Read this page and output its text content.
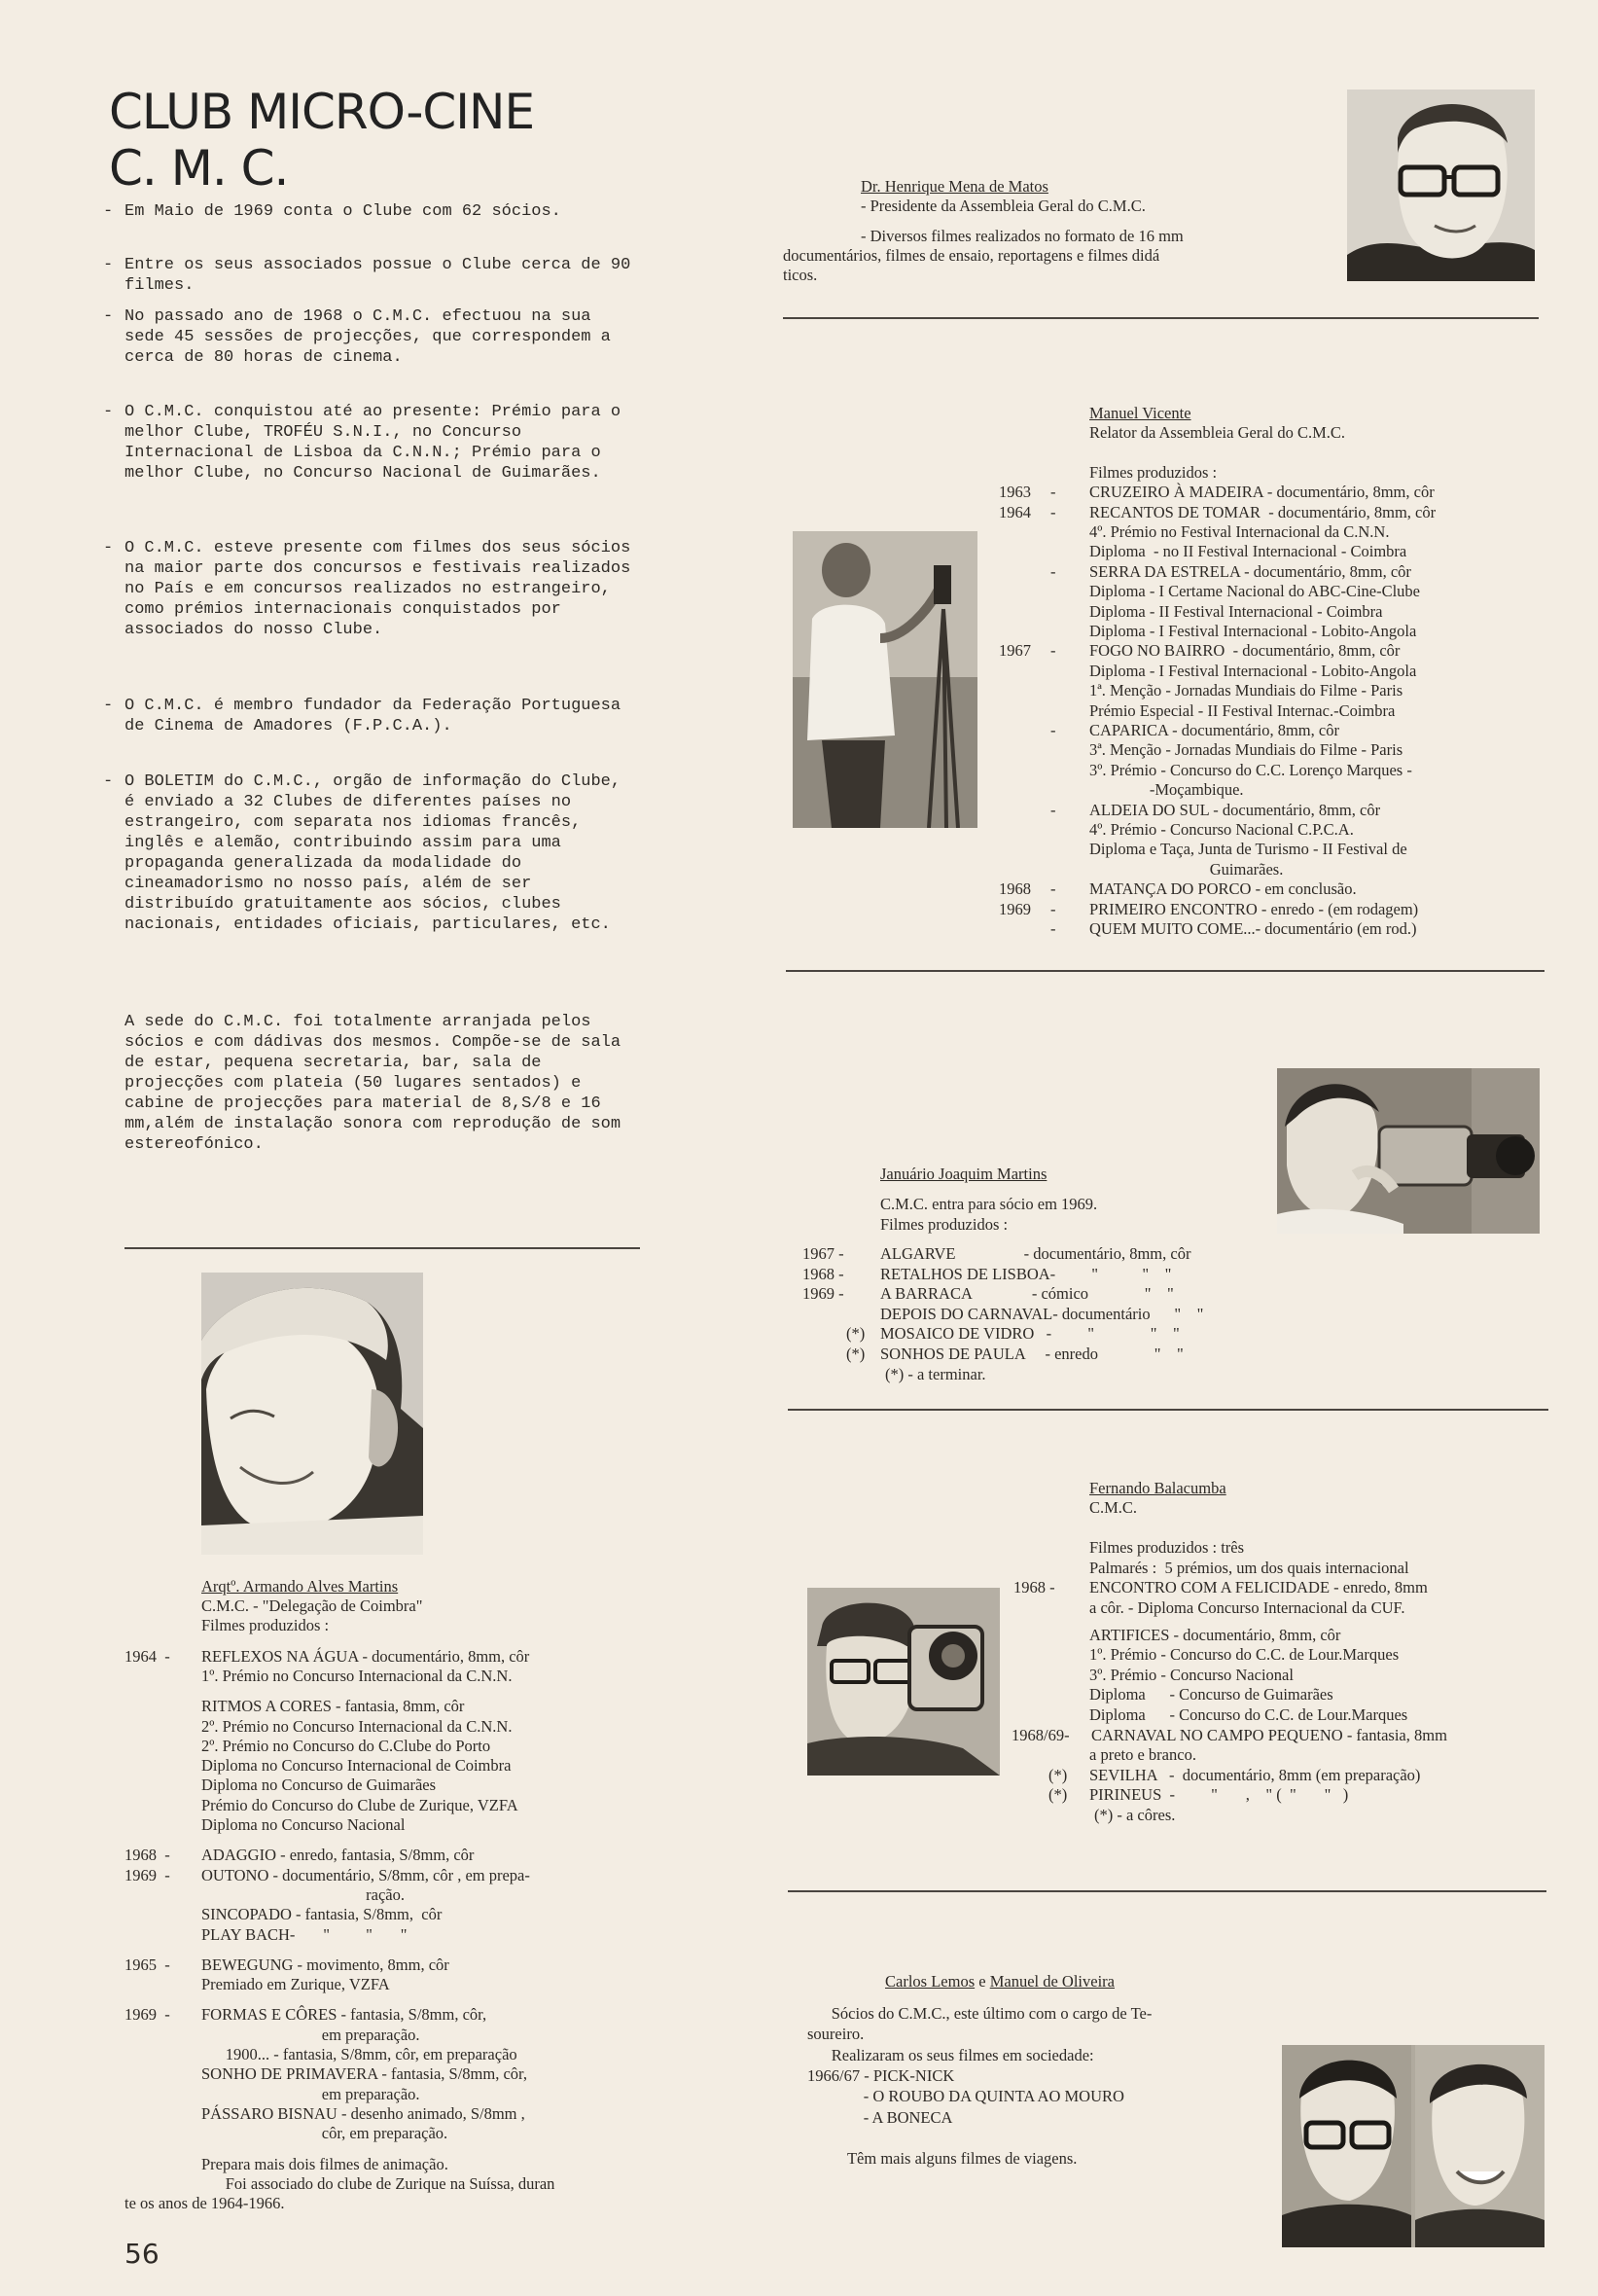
CLUB MICRO-CINE
C. M. C.

- Em Maio de 1969 conta o Clube com 62 sócios.

- Entre os seus associados possue o Clube cerca de 90 filmes.

- No passado ano de 1968 o C.M.C. efectuou na sua sede 45 sessões de projecções, que correspondem a cerca de 80 horas de cinema.

- O C.M.C. conquistou até ao presente: Prémio para o melhor Clube, TROFÉU S.N.I., no Concurso Internacional de Lisboa da C.N.N.; Prémio para o melhor Clube, no Concurso Nacional de Guimarães.

- O C.M.C. esteve presente com filmes dos seus sócios na maior parte dos concursos e festivais realizados no País e em concursos realizados no estrangeiro, como prémios internacionais conquistados por associados do nosso Clube.

- O C.M.C. é membro fundador da Federação Portuguesa de Cinema de Amadores (F.P.C.A.).

- O BOLETIM do C.M.C., orgão de informação do Clube, é enviado a 32 Clubes de diferentes países no estrangeiro, com separata nos idiomas francês, inglês e alemão, contribuindo assim para uma propaganda generalizada da modalidade do cineamadorismo no nosso país, além de ser distribuído gratuitamente aos sócios, clubes nacionais, entidades oficiais, particulares, etc.

A sede do C.M.C. foi totalmente arranjada pelos sócios e com dádivas dos mesmos. Compõe-se de sala de estar, pequena secretaria, bar, sala de projecções com plateia (50 lugares sentados) e cabine de projecções para material de 8,S/8 e 16 mm,além de instalação sonora com reprodução de som estereofónico.

Arqtº. Armando Alves Martins
C.M.C. - "Delegação de Coimbra"
Filmes produzidos :
1964  - REFLEXOS NA ÁGUA - documentário, 8mm, côr
1º. Prémio no Concurso Internacional da C.N.N.
RITMOS A CORES - fantasia, 8mm, côr
2º. Prémio no Concurso Internacional da C.N.N.
2º. Prémio no Concurso do C.Clube do Porto
Diploma no Concurso Internacional de Coimbra
Diploma no Concurso de Guimarães
Prémio do Concurso do Clube de Zurique, VZFA
Diploma no Concurso Nacional
1968  - ADAGGIO - enredo, fantasia, S/8mm, côr
1969  - OUTONO - documentário, S/8mm, côr , em prepa-
ração.
SINCOPADO - fantasia, S/8mm,  côr
PLAY BACH-       "         "       "
1965  - BEWEGUNG - movimento, 8mm, côr
Premiado em Zurique, VZFA
1969  - FORMAS E CÔRES - fantasia, S/8mm, côr,
em preparação.
1900... - fantasia, S/8mm, côr, em preparação
SONHO DE PRIMAVERA - fantasia, S/8mm, côr,
em preparação.
PÁSSARO BISNAU - desenho animado, S/8mm ,
côr, em preparação.
Prepara mais dois filmes de animação.
Foi associado do clube de Zurique na Suíssa, duran
te os anos de 1964-1966.
56
Dr. Henrique Mena de Matos
- Presidente da Assembleia Geral do C.M.C.
- Diversos filmes realizados no formato de 16 mm
documentários, filmes de ensaio, reportagens e filmes didá
ticos.
Manuel Vicente
Relator da Assembleia Geral do C.M.C.
Filmes produzidos :
1963 - CRUZEIRO À MADEIRA - documentário, 8mm, côr
1964 - RECANTOS DE TOMAR  - documentário, 8mm, côr
4º. Prémio no Festival Internacional da C.N.N.
Diploma  - no II Festival Internacional - Coimbra
- SERRA DA ESTRELA - documentário, 8mm, côr
Diploma - I Certame Nacional do ABC-Cine-Clube
Diploma - II Festival Internacional - Coimbra
Diploma - I Festival Internacional - Lobito-Angola
1967 - FOGO NO BAIRRO  - documentário, 8mm, côr
Diploma - I Festival Internacional - Lobito-Angola
1ª. Menção - Jornadas Mundiais do Filme - Paris
Prémio Especial - II Festival Internac.-Coimbra
- CAPARICA - documentário, 8mm, côr
3ª. Menção - Jornadas Mundiais do Filme - Paris
3º. Prémio - Concurso do C.C. Lorenço Marques -
-Moçambique.
- ALDEIA DO SUL - documentário, 8mm, côr
4º. Prémio - Concurso Nacional C.P.C.A.
Diploma e Taça, Junta de Turismo - II Festival de
Guimarães.
1968 - MATANÇA DO PORCO - em conclusão.
1969 - PRIMEIRO ENCONTRO - enredo - (em rodagem)
- QUEM MUITO COME...- documentário (em rod.)
Januário Joaquim Martins
C.M.C. entra para sócio em 1969.
Filmes produzidos :
1967 - ALGARVE                 - documentário, 8mm, côr
1968 - RETALHOS DE LISBOA-         "           "    "
1969 - A BARRACA               - cómico              "    "
DEPOIS DO CARNAVAL- documentário      "    "
(*) MOSAICO DE VIDRO   -         "              "    "
(*) SONHOS DE PAULA     - enredo              "    "
(*) - a terminar.
Fernando Balacumba
C.M.C.
Filmes produzidos : três
Palmarés :  5 prémios, um dos quais internacional
1968 - ENCONTRO COM A FELICIDADE - enredo, 8mm
a côr. - Diploma Concurso Internacional da CUF.
ARTIFICES - documentário, 8mm, côr
1º. Prémio - Concurso do C.C. de Lour.Marques
3º. Prémio - Concurso Nacional
Diploma      - Concurso de Guimarães
Diploma      - Concurso do C.C. de Lour.Marques
1968/69- CARNAVAL NO CAMPO PEQUENO - fantasia, 8mm
a preto e branco.
(*) SEVILHA   -  documentário, 8mm (em preparação)
(*) PIRINEUS  -         "       ,    " (  "       "   )
(*) - a côres.
Carlos Lemos e Manuel de Oliveira
Sócios do C.M.C., este último com o cargo de Te-
soureiro.
Realizaram os seus filmes em sociedade:
1966/67 - PICK-NICK
- O ROUBO DA QUINTA AO MOURO
- A BONECA
Têm mais alguns filmes de viagens.
